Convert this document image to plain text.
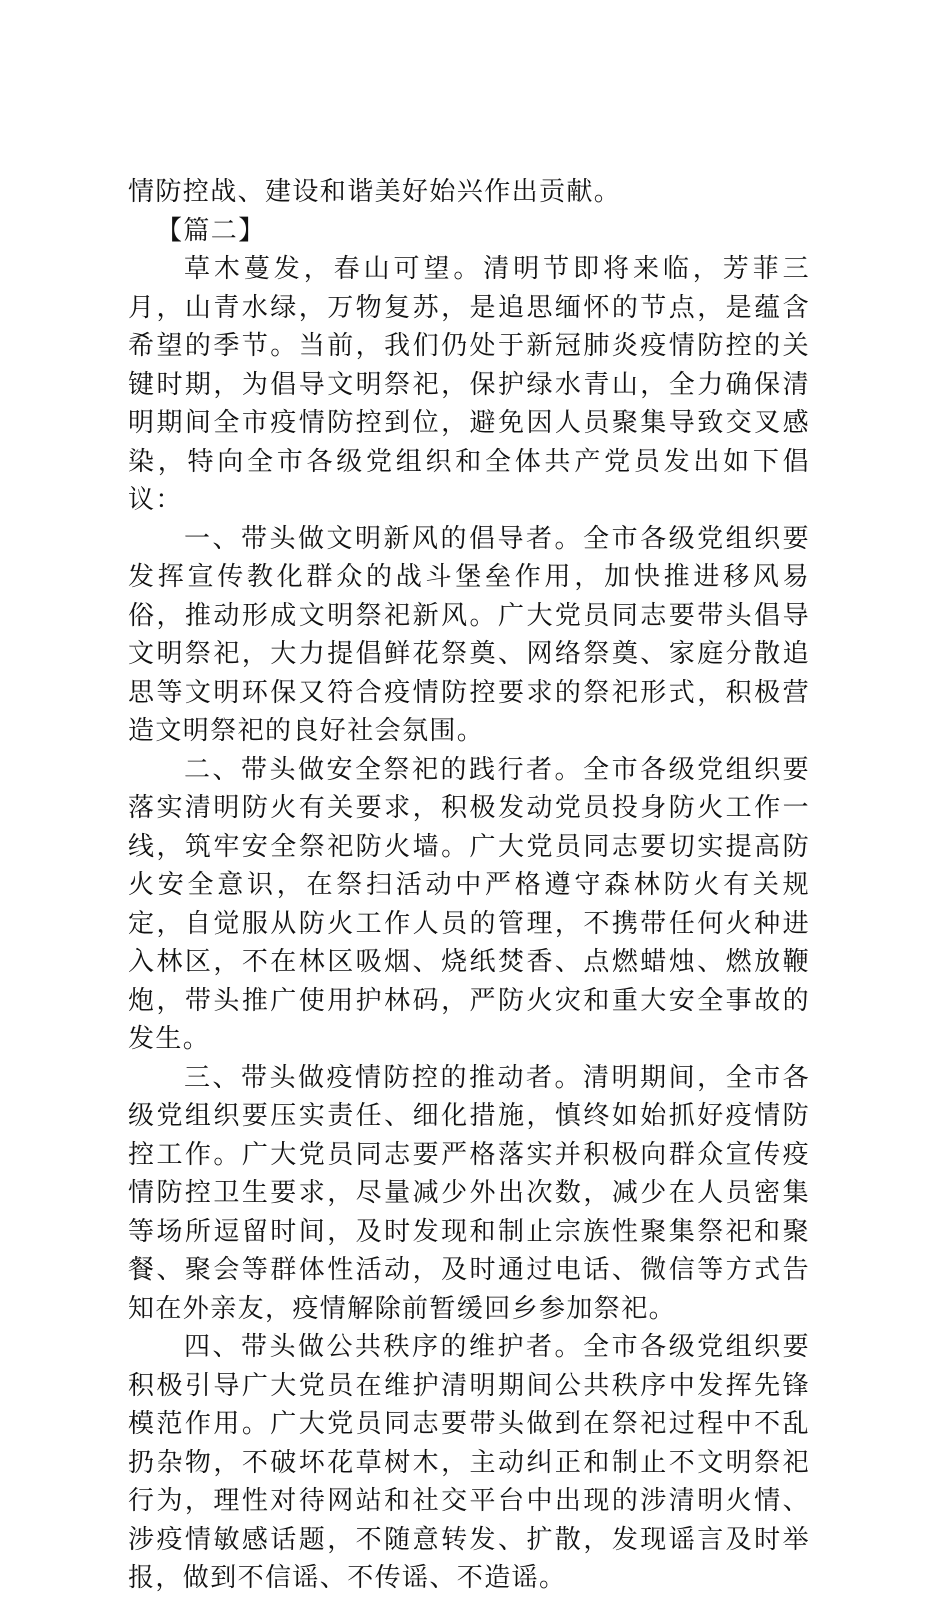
情防控战、建设和谐美好始兴作出贡献。

【篇二】

草木蔓发，春山可望。清明节即将来临，芳菲三月，山青水绿，万物复苏，是追思缅怀的节点，是蕴含希望的季节。当前，我们仍处于新冠肺炎疫情防控的关键时期，为倡导文明祭祀，保护绿水青山，全力确保清明期间全市疫情防控到位，避免因人员聚集导致交叉感染，特向全市各级党组织和全体共产党员发出如下倡议：

一、带头做文明新风的倡导者。全市各级党组织要发挥宣传教化群众的战斗堡垒作用，加快推进移风易俗，推动形成文明祭祀新风。广大党员同志要带头倡导文明祭祀，大力提倡鲜花祭奠、网络祭奠、家庭分散追思等文明环保又符合疫情防控要求的祭祀形式，积极营造文明祭祀的良好社会氛围。

二、带头做安全祭祀的践行者。全市各级党组织要落实清明防火有关要求，积极发动党员投身防火工作一线，筑牢安全祭祀防火墙。广大党员同志要切实提高防火安全意识，在祭扫活动中严格遵守森林防火有关规定，自觉服从防火工作人员的管理，不携带任何火种进入林区，不在林区吸烟、烧纸焚香、点燃蜡烛、燃放鞭炮，带头推广使用护林码，严防火灾和重大安全事故的发生。

三、带头做疫情防控的推动者。清明期间，全市各级党组织要压实责任、细化措施，慎终如始抓好疫情防控工作。广大党员同志要严格落实并积极向群众宣传疫情防控卫生要求，尽量减少外出次数，减少在人员密集等场所逗留时间，及时发现和制止宗族性聚集祭祀和聚餐、聚会等群体性活动，及时通过电话、微信等方式告知在外亲友，疫情解除前暂缓回乡参加祭祀。

四、带头做公共秩序的维护者。全市各级党组织要积极引导广大党员在维护清明期间公共秩序中发挥先锋模范作用。广大党员同志要带头做到在祭祀过程中不乱扔杂物，不破坏花草树木，主动纠正和制止不文明祭祀行为，理性对待网站和社交平台中出现的涉清明火情、涉疫情敏感话题，不随意转发、扩散，发现谣言及时举报，做到不信谣、不传谣、不造谣。
